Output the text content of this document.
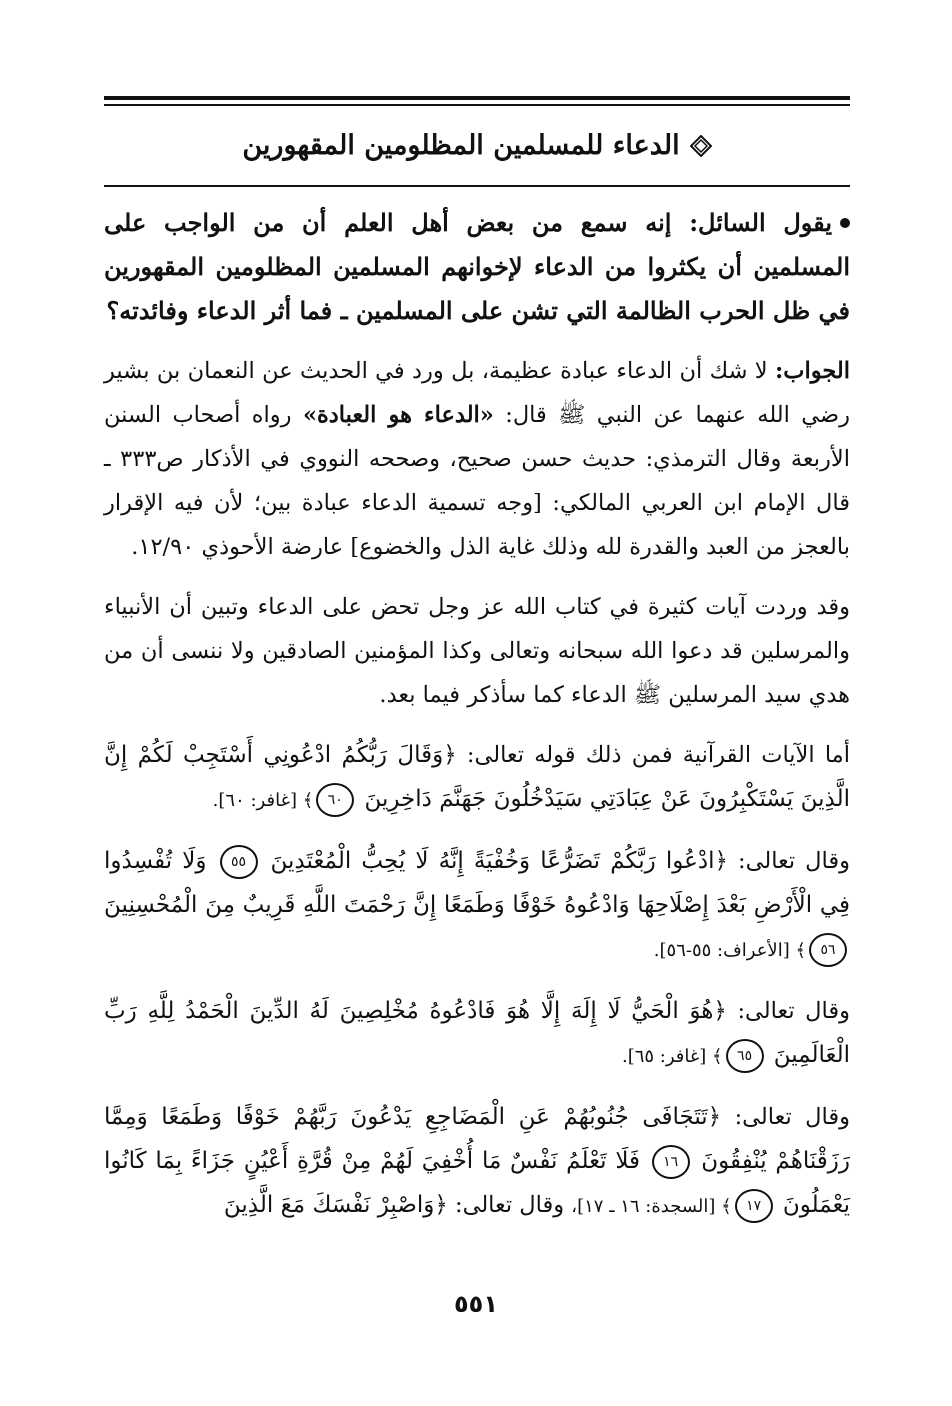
الدعاء للمسلمين المظلومين المقهورين
يقول السائل: إنه سمع من بعض أهل العلم أن من الواجب على المسلمين أن يكثروا من الدعاء لإخوانهم المسلمين المظلومين المقهورين في ظل الحرب الظالمة التي تشن على المسلمين ـ فما أثر الدعاء وفائدته؟

الجواب: لا شك أن الدعاء عبادة عظيمة، بل ورد في الحديث عن النعمان بن بشير رضي الله عنهما عن النبي ﷺ قال: «الدعاء هو العبادة» رواه أصحاب السنن الأربعة وقال الترمذي: حديث حسن صحيح، وصححه النووي في الأذكار ص٣٣٣ ـ قال الإمام ابن العربي المالكي: [وجه تسمية الدعاء عبادة بين؛ لأن فيه الإقرار بالعجز من العبد والقدرة لله وذلك غاية الذل والخضوع] عارضة الأحوذي ١٢/٩٠.

وقد وردت آيات كثيرة في كتاب الله عز وجل تحض على الدعاء وتبين أن الأنبياء والمرسلين قد دعوا الله سبحانه وتعالى وكذا المؤمنين الصادقين ولا ننسى أن من هدي سيد المرسلين ﷺ الدعاء كما سأذكر فيما بعد.

أما الآيات القرآنية فمن ذلك قوله تعالى: ﴿وَقَالَ رَبُّكُمُ ادْعُونِي أَسْتَجِبْ لَكُمْ إِنَّ الَّذِينَ يَسْتَكْبِرُونَ عَنْ عِبَادَتِي سَيَدْخُلُونَ جَهَنَّمَ دَاخِرِينَ ٦٠﴾ [غافر: ٦٠].

وقال تعالى: ﴿ادْعُوا رَبَّكُمْ تَضَرُّعًا وَخُفْيَةً إِنَّهُ لَا يُحِبُّ الْمُعْتَدِينَ ٥٥ وَلَا تُفْسِدُوا فِي الْأَرْضِ بَعْدَ إِصْلَاحِهَا وَادْعُوهُ خَوْفًا وَطَمَعًا إِنَّ رَحْمَتَ اللَّهِ قَرِيبٌ مِنَ الْمُحْسِنِينَ ٥٦﴾ [الأعراف: ٥٥-٥٦].

وقال تعالى: ﴿هُوَ الْحَيُّ لَا إِلَهَ إِلَّا هُوَ فَادْعُوهُ مُخْلِصِينَ لَهُ الدِّينَ الْحَمْدُ لِلَّهِ رَبِّ الْعَالَمِينَ ٦٥﴾ [غافر: ٦٥].

وقال تعالى: ﴿تَتَجَافَى جُنُوبُهُمْ عَنِ الْمَضَاجِعِ يَدْعُونَ رَبَّهُمْ خَوْفًا وَطَمَعًا وَمِمَّا رَزَقْنَاهُمْ يُنْفِقُونَ ١٦ فَلَا تَعْلَمُ نَفْسٌ مَا أُخْفِيَ لَهُمْ مِنْ قُرَّةِ أَعْيُنٍ جَزَاءً بِمَا كَانُوا يَعْمَلُونَ ١٧﴾ [السجدة: ١٦ ـ ١٧]، وقال تعالى: ﴿وَاصْبِرْ نَفْسَكَ مَعَ الَّذِينَ

٥٥١
